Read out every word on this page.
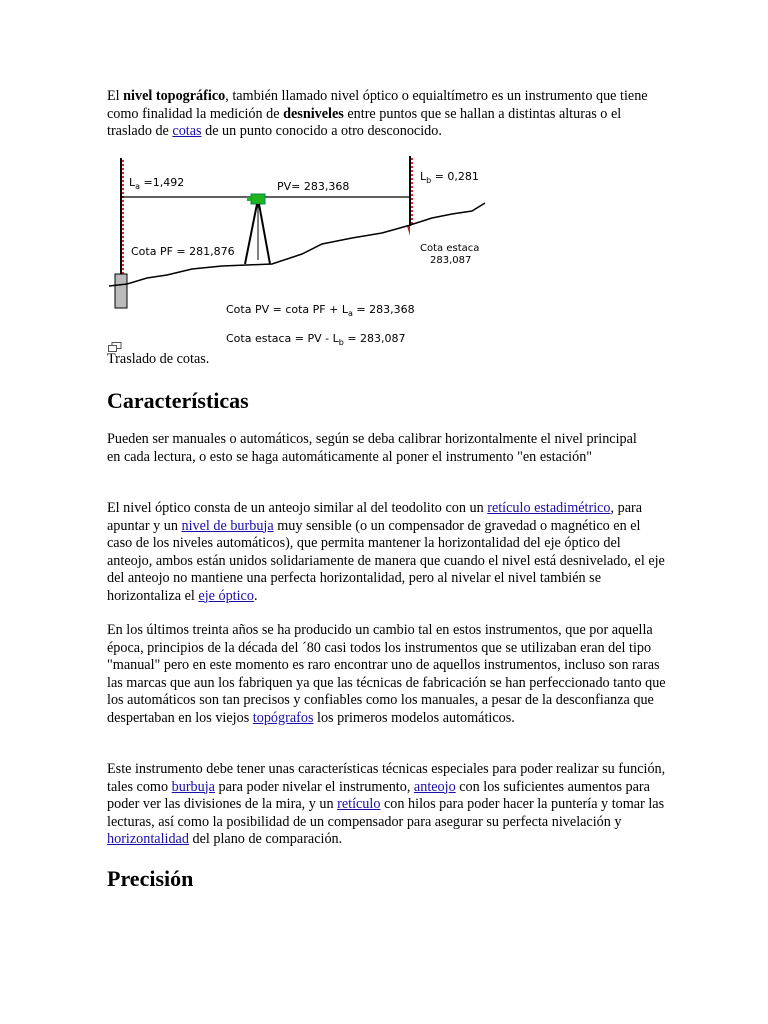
El nivel topográfico, también llamado nivel óptico o equialtímetro es un instrumento que tiene como finalidad la medición de desniveles entre puntos que se hallan a distintas alturas o el traslado de cotas de un punto conocido a otro desconocido.

$L_a =1,492$	PV= 283,368
$L_b = 0,281$
Cota PF = 281,876	Cota estaca
283,087
Cota PV = cota PF + $L_a = 283,368$
Cota estaca = PV - $L_b = 283,087$

Traslado de cotas.

Características

Pueden ser manuales o automáticos, según se deba calibrar horizontalmente el nivel principal en cada lectura, o esto se haga automáticamente al poner el instrumento "en estación"

El nivel óptico consta de un anteojo similar al del teodolito con un retículo estadimétrico, para apuntar y un nivel de burbuja muy sensible (o un compensador de gravedad o magnético en el caso de los niveles automáticos), que permita mantener la horizontalidad del eje óptico del anteojo, ambos están unidos solidariamente de manera que cuando el nivel está desnivelado, el eje del anteojo no mantiene una perfecta horizontalidad, pero al nivelar el nivel también se horizontaliza el eje óptico.

En los últimos treinta años se ha producido un cambio tal en estos instrumentos, que por aquella época, principios de la década del ´80 casi todos los instrumentos que se utilizaban eran del tipo "manual" pero en este momento es raro encontrar uno de aquellos instrumentos, incluso son raras las marcas que aun los fabriquen ya que las técnicas de fabricación se han perfeccionado tanto que los automáticos son tan precisos y confiables como los manuales, a pesar de la desconfianza que despertaban en los viejos topógrafos los primeros modelos automáticos.

Este instrumento debe tener unas características técnicas especiales para poder realizar su función, tales como burbuja para poder nivelar el instrumento, anteojo con los suficientes aumentos para poder ver las divisiones de la mira, y un retículo con hilos para poder hacer la puntería y tomar las lecturas, así como la posibilidad de un compensador para asegurar su perfecta nivelación y horizontalidad del plano de comparación.

Precisión
